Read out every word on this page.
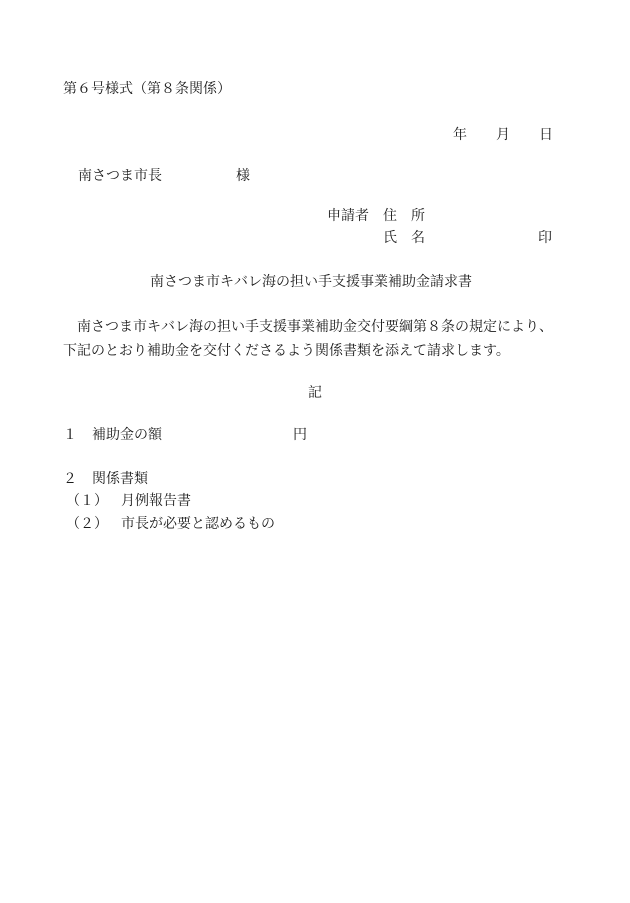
第６号様式（第８条関係）
年 月 日
南さつま市長	様
申請者 住　所
氏　名	印
南さつま市キバレ海の担い手支援事業補助金請求書
南さつま市キバレ海の担い手支援事業補助金交付要綱第８条の規定により、
下記のとおり補助金を交付くださるよう関係書類を添えて請求します。
記
１ 補助金の額	円
２ 関係書類
（１） 月例報告書
（２） 市長が必要と認めるもの
